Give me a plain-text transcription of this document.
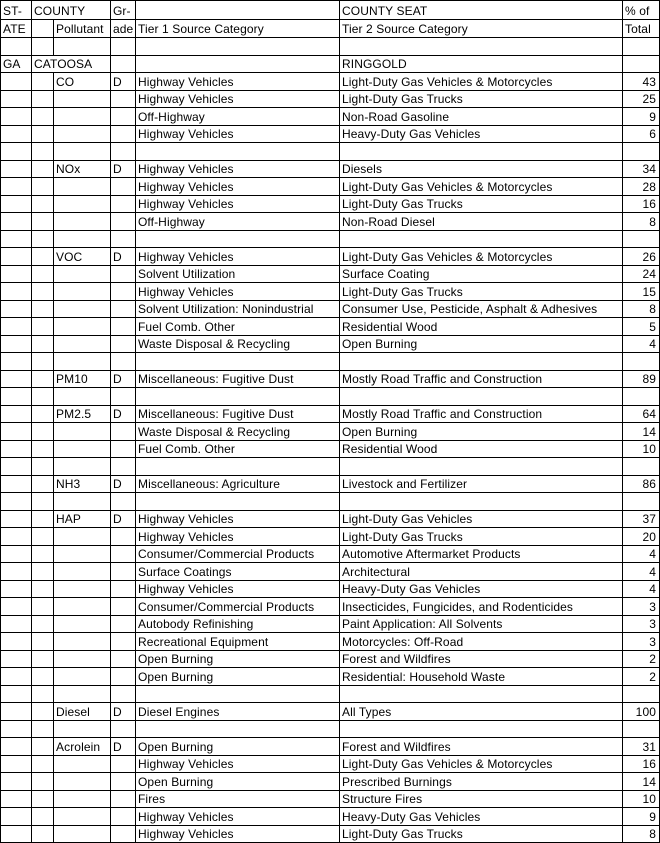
ST-	COUNTY		Gr-		COUNTY SEAT	% of
ATE		Pollutant	ade	Tier 1 Source Category	Tier 2 Source Category	Total

GA	CATOOSA				RINGGOLD	
		CO	D	Highway Vehicles	Light-Duty Gas Vehicles & Motorcycles	43
				Highway Vehicles	Light-Duty Gas Trucks	25
				Off-Highway	Non-Road Gasoline	9
				Highway Vehicles	Heavy-Duty Gas Vehicles	6

		NOx	D	Highway Vehicles	Diesels	34
				Highway Vehicles	Light-Duty Gas Vehicles & Motorcycles	28
				Highway Vehicles	Light-Duty Gas Trucks	16
				Off-Highway	Non-Road Diesel	8

		VOC	D	Highway Vehicles	Light-Duty Gas Vehicles & Motorcycles	26
				Solvent Utilization	Surface Coating	24
				Highway Vehicles	Light-Duty Gas Trucks	15
				Solvent Utilization: Nonindustrial	Consumer Use, Pesticide, Asphalt & Adhesives	8
				Fuel Comb. Other	Residential Wood	5
				Waste Disposal & Recycling	Open Burning	4

		PM10	D	Miscellaneous: Fugitive Dust	Mostly Road Traffic and Construction	89

		PM2.5	D	Miscellaneous: Fugitive Dust	Mostly Road Traffic and Construction	64
				Waste Disposal & Recycling	Open Burning	14
				Fuel Comb. Other	Residential Wood	10

		NH3	D	Miscellaneous: Agriculture	Livestock and Fertilizer	86

		HAP	D	Highway Vehicles	Light-Duty Gas Vehicles	37
				Highway Vehicles	Light-Duty Gas Trucks	20
				Consumer/Commercial Products	Automotive Aftermarket Products	4
				Surface Coatings	Architectural	4
				Highway Vehicles	Heavy-Duty Gas Vehicles	4
				Consumer/Commercial Products	Insecticides, Fungicides, and Rodenticides	3
				Autobody Refinishing	Paint Application: All Solvents	3
				Recreational Equipment	Motorcycles: Off-Road	3
				Open Burning	Forest and Wildfires	2
				Open Burning	Residential: Household Waste	2

		Diesel	D	Diesel Engines	All Types	100

		Acrolein	D	Open Burning	Forest and Wildfires	31
				Highway Vehicles	Light-Duty Gas Vehicles & Motorcycles	16
				Open Burning	Prescribed Burnings	14
				Fires	Structure Fires	10
				Highway Vehicles	Heavy-Duty Gas Vehicles	9
				Highway Vehicles	Light-Duty Gas Trucks	8
